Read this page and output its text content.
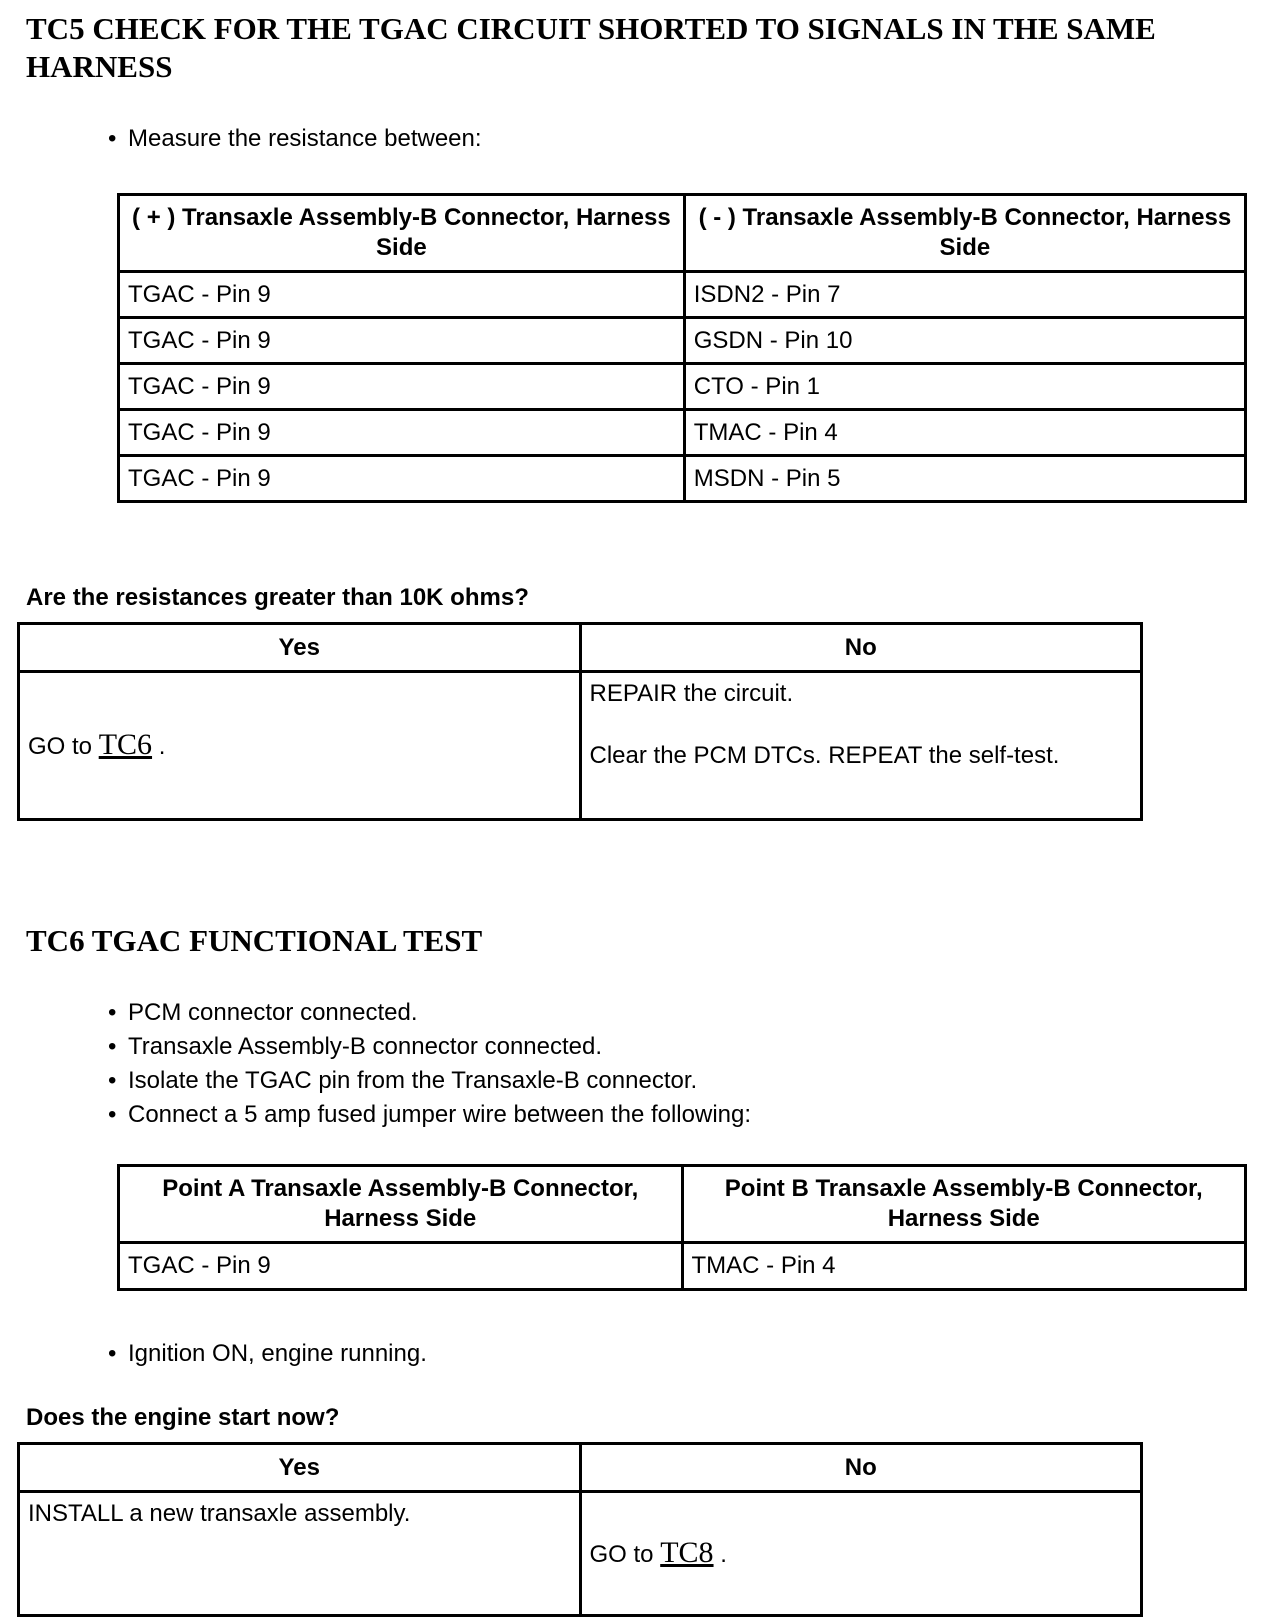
TC5 CHECK FOR THE TGAC CIRCUIT SHORTED TO SIGNALS IN THE SAME HARNESS
• Measure the resistance between:
( + ) Transaxle Assembly-B Connector, Harness Side	( - ) Transaxle Assembly-B Connector, Harness Side
TGAC - Pin 9	ISDN2 - Pin 7
TGAC - Pin 9	GSDN - Pin 10
TGAC - Pin 9	CTO - Pin 1
TGAC - Pin 9	TMAC - Pin 4
TGAC - Pin 9	MSDN - Pin 5

Are the resistances greater than 10K ohms?

Yes	No
GO to TC6 .	REPAIR the circuit.

Clear the PCM DTCs. REPEAT the self-test.

TC6 TGAC FUNCTIONAL TEST
• PCM connector connected.
• Transaxle Assembly-B connector connected.
• Isolate the TGAC pin from the Transaxle-B connector.
• Connect a 5 amp fused jumper wire between the following:
Point A Transaxle Assembly-B Connector, Harness Side	Point B Transaxle Assembly-B Connector, Harness Side
TGAC - Pin 9	TMAC - Pin 4
• Ignition ON, engine running.

Does the engine start now?

Yes	No
INSTALL a new transaxle assembly.	GO to TC8 .
